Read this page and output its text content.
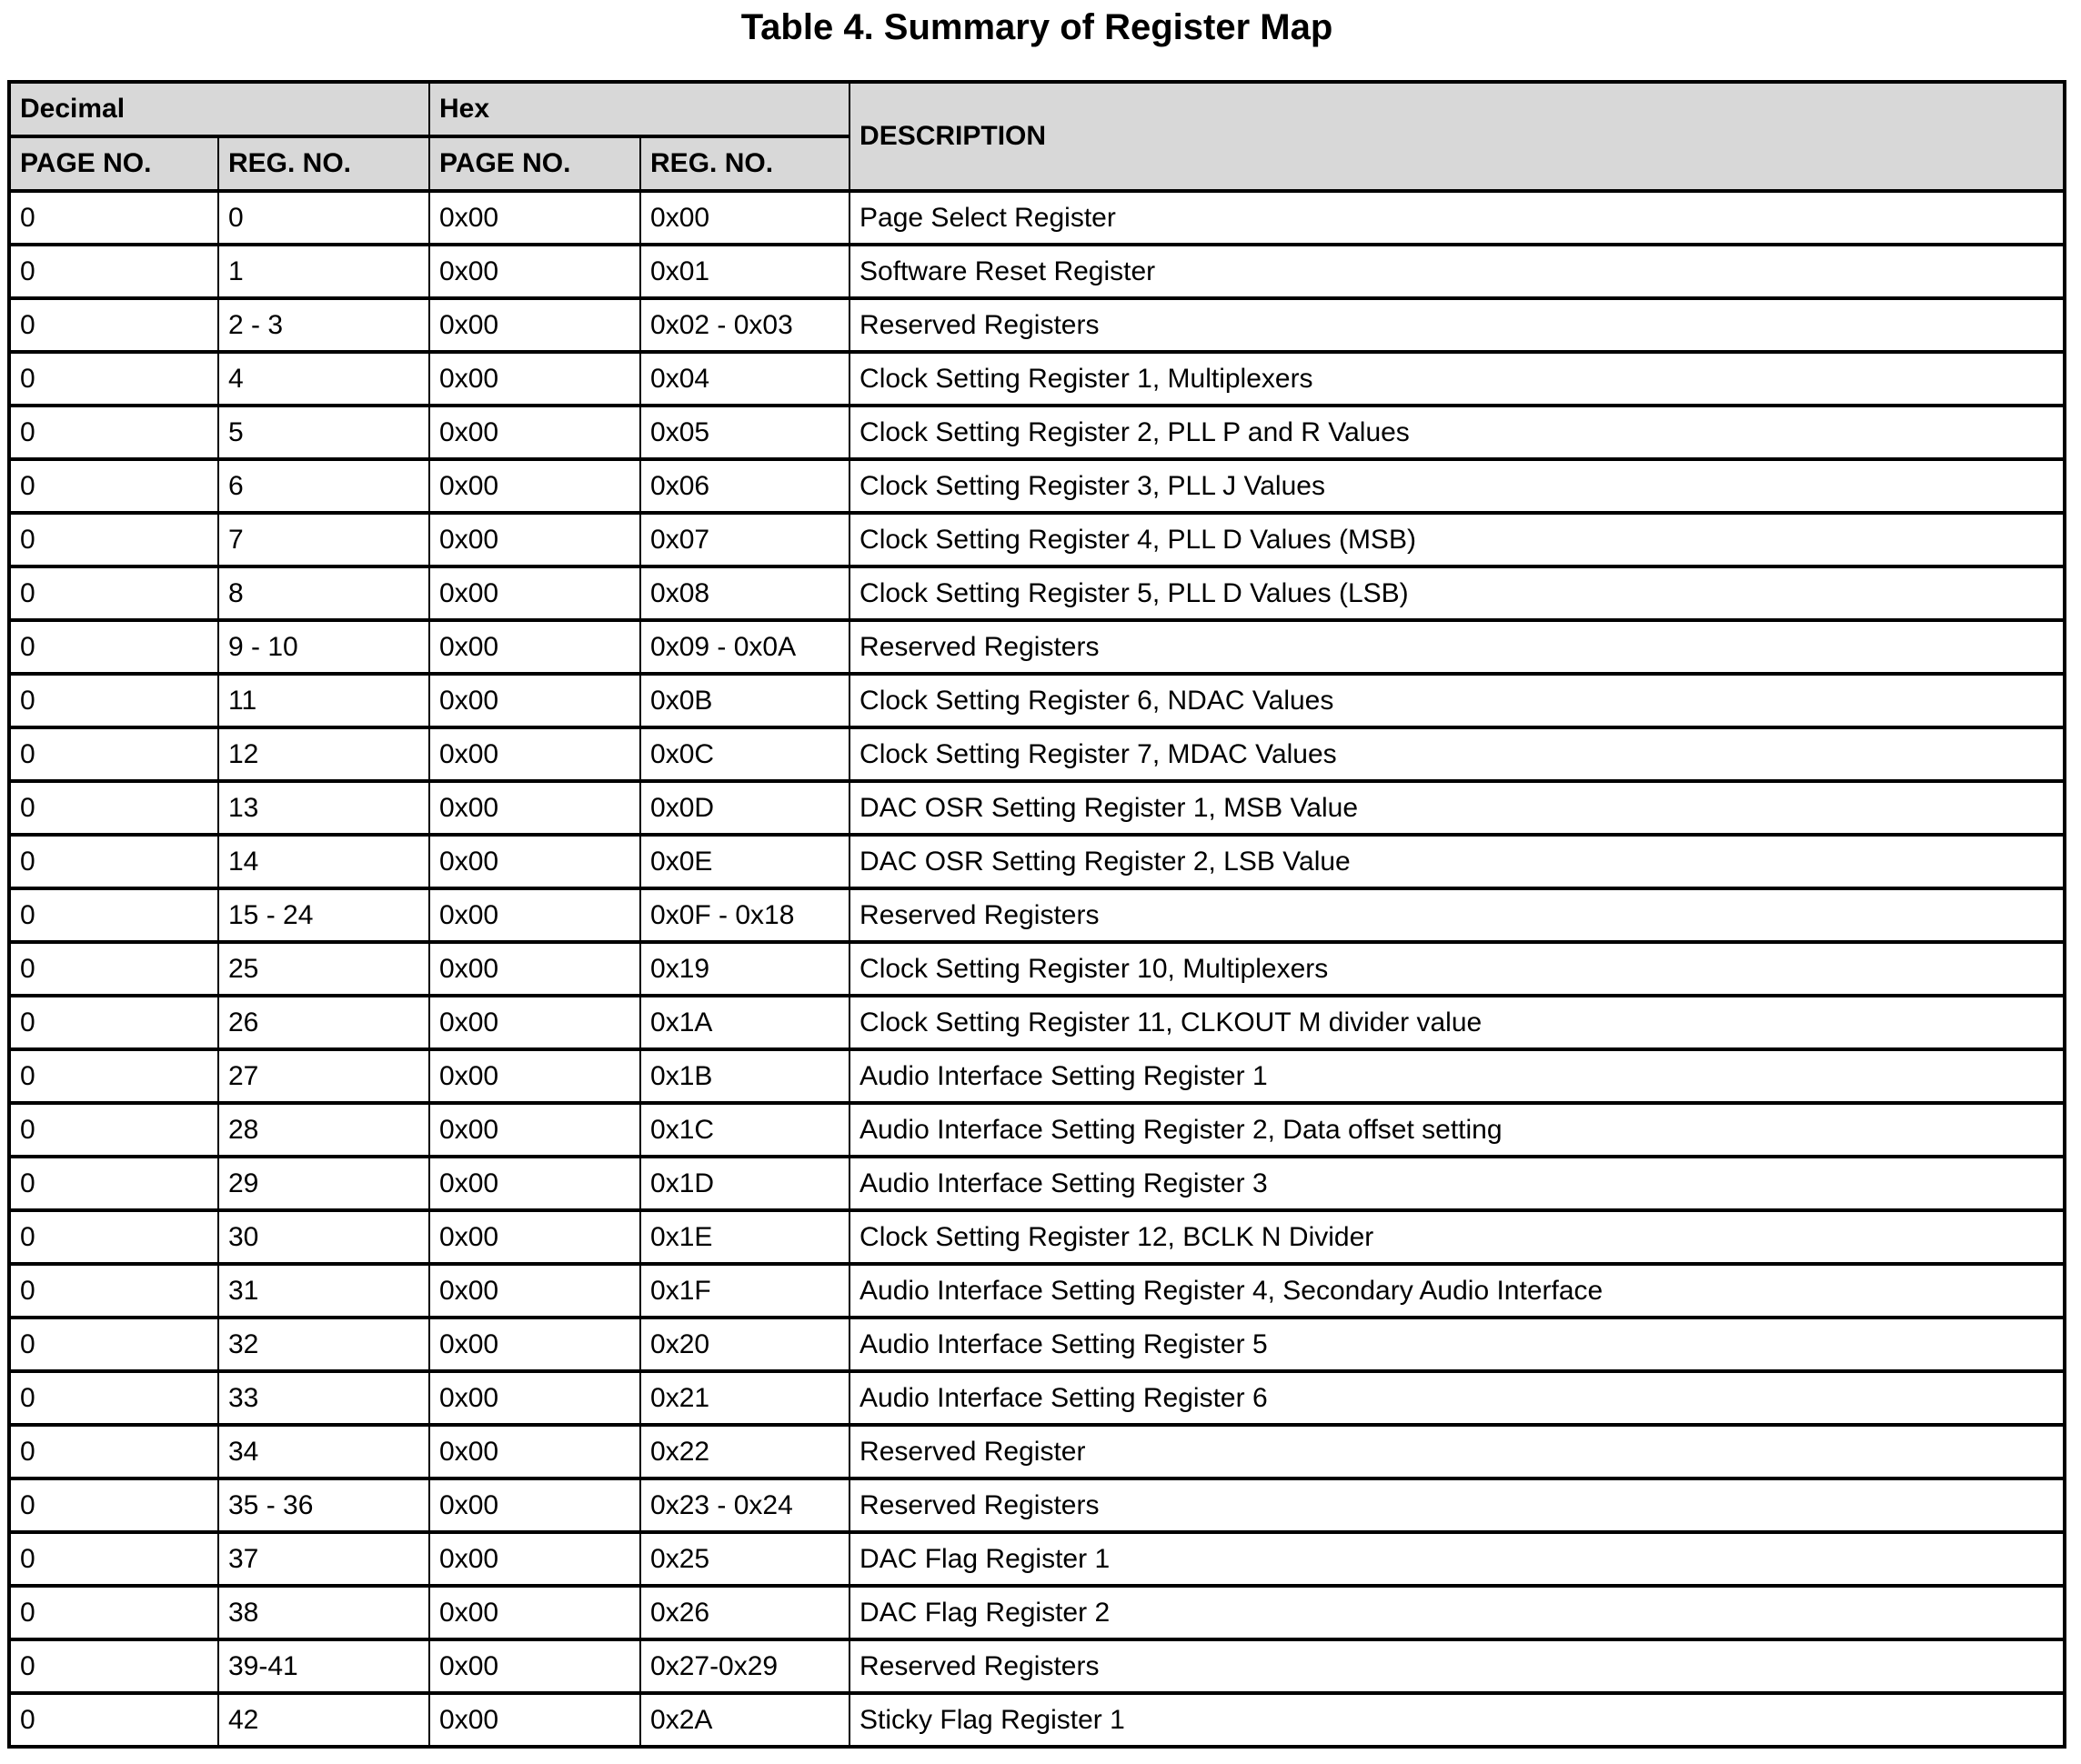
Table 4. Summary of Register Map
Decimal		Hex		DESCRIPTION
PAGE NO.	REG. NO.	PAGE NO.	REG. NO.	
0	0	0x00	0x00	Page Select Register
0	1	0x00	0x01	Software Reset Register
0	2 - 3	0x00	0x02 - 0x03	Reserved Registers
0	4	0x00	0x04	Clock Setting Register 1, Multiplexers
0	5	0x00	0x05	Clock Setting Register 2, PLL P and R Values
0	6	0x00	0x06	Clock Setting Register 3, PLL J Values
0	7	0x00	0x07	Clock Setting Register 4, PLL D Values (MSB)
0	8	0x00	0x08	Clock Setting Register 5, PLL D Values (LSB)
0	9 - 10	0x00	0x09 - 0x0A	Reserved Registers
0	11	0x00	0x0B	Clock Setting Register 6, NDAC Values
0	12	0x00	0x0C	Clock Setting Register 7, MDAC Values
0	13	0x00	0x0D	DAC OSR Setting Register 1, MSB Value
0	14	0x00	0x0E	DAC OSR Setting Register 2, LSB Value
0	15 - 24	0x00	0x0F - 0x18	Reserved Registers
0	25	0x00	0x19	Clock Setting Register 10, Multiplexers
0	26	0x00	0x1A	Clock Setting Register 11, CLKOUT M divider value
0	27	0x00	0x1B	Audio Interface Setting Register 1
0	28	0x00	0x1C	Audio Interface Setting Register 2, Data offset setting
0	29	0x00	0x1D	Audio Interface Setting Register 3
0	30	0x00	0x1E	Clock Setting Register 12, BCLK N Divider
0	31	0x00	0x1F	Audio Interface Setting Register 4, Secondary Audio Interface
0	32	0x00	0x20	Audio Interface Setting Register 5
0	33	0x00	0x21	Audio Interface Setting Register 6
0	34	0x00	0x22	Reserved Register
0	35 - 36	0x00	0x23 - 0x24	Reserved Registers
0	37	0x00	0x25	DAC Flag Register 1
0	38	0x00	0x26	DAC Flag Register 2
0	39-41	0x00	0x27-0x29	Reserved Registers
0	42	0x00	0x2A	Sticky Flag Register 1
